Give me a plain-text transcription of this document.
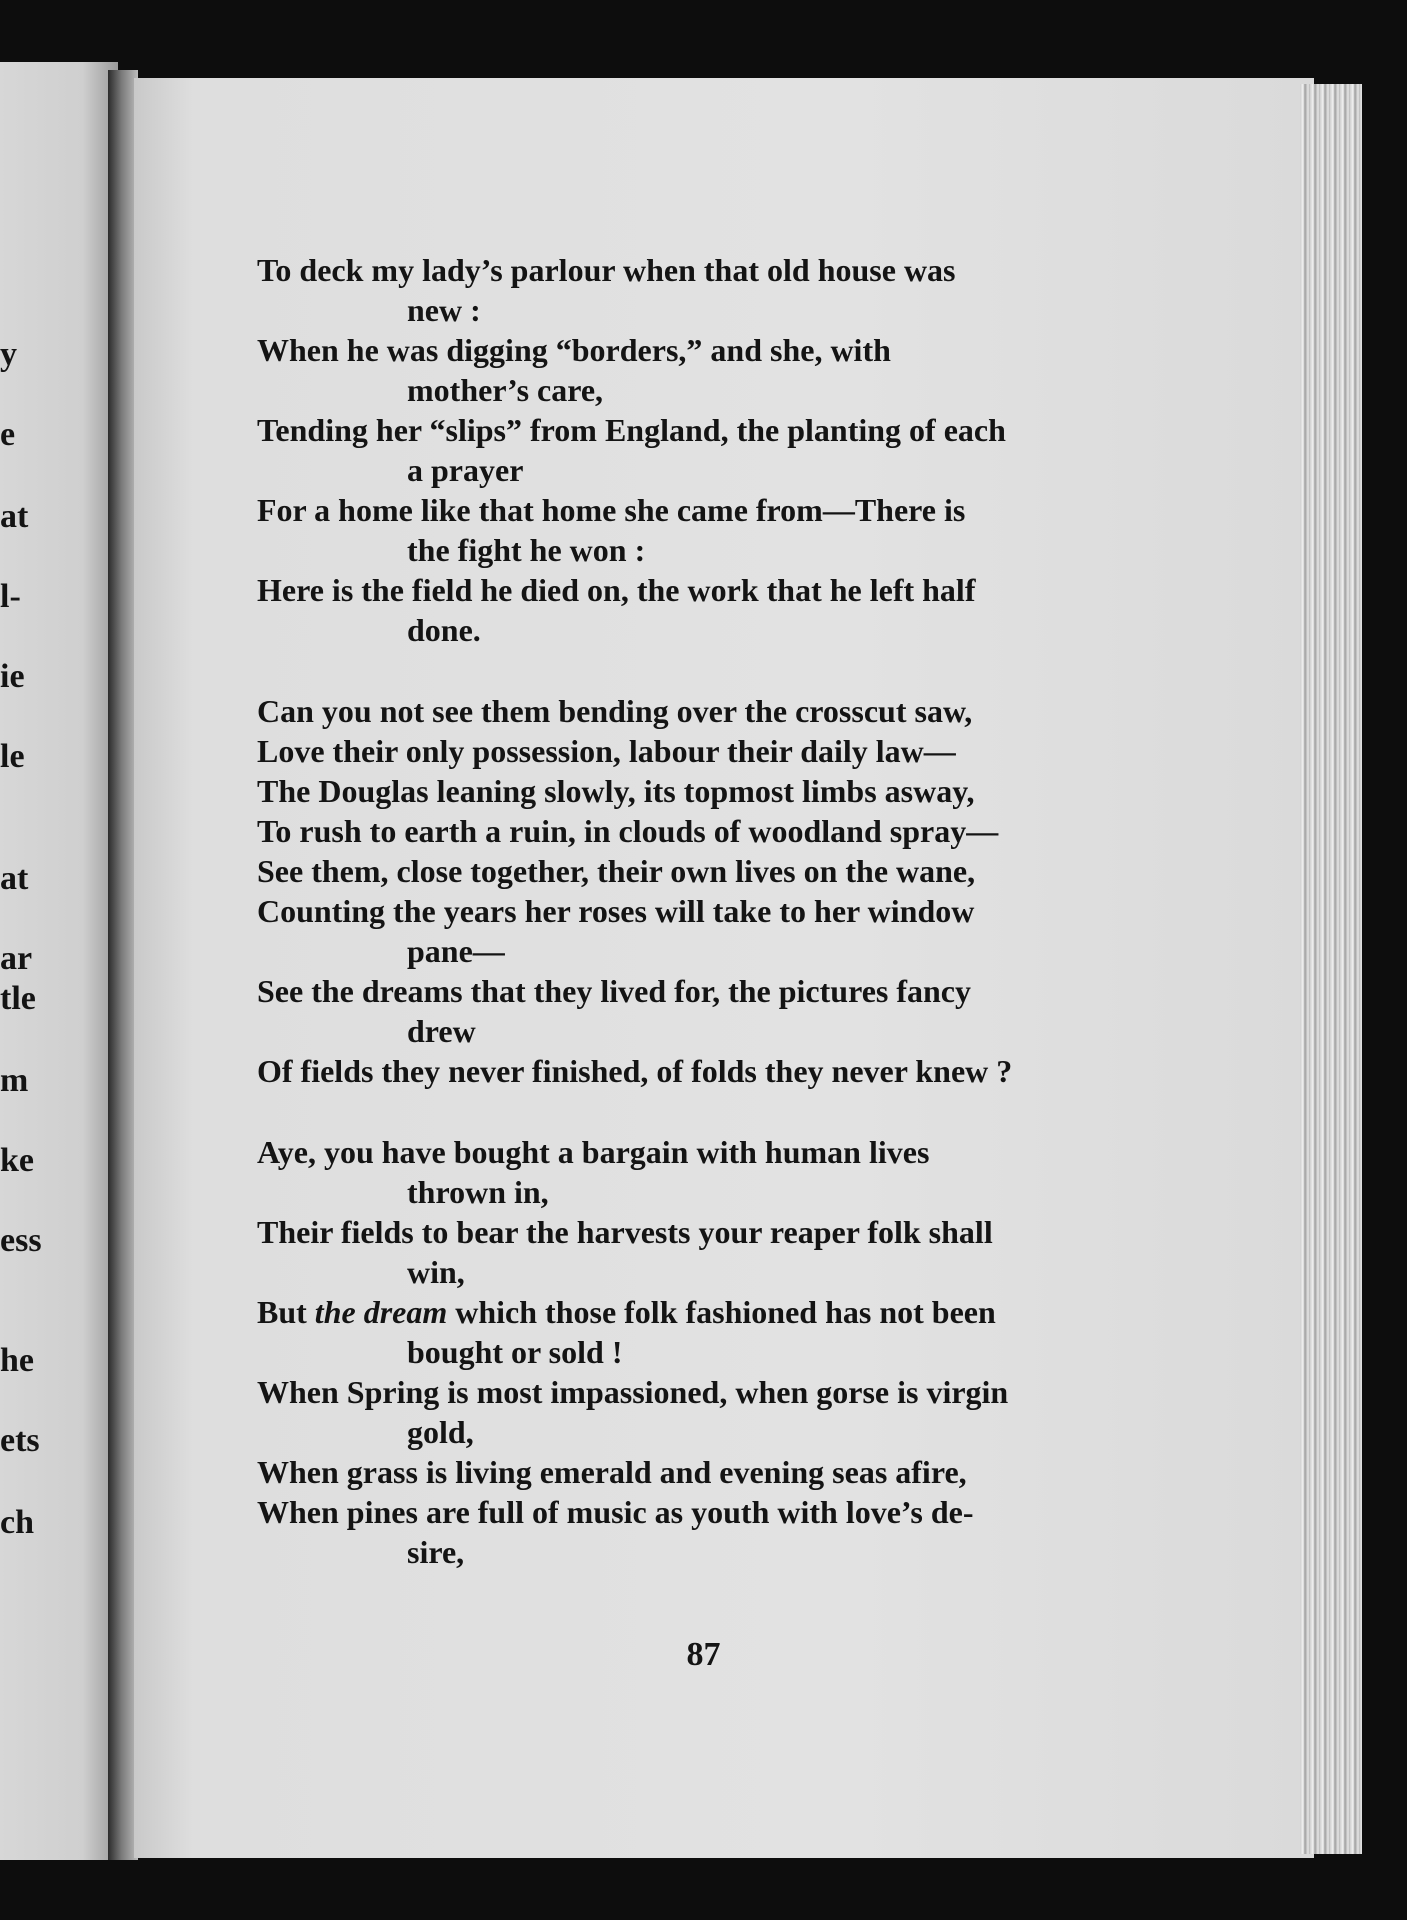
y
e
at
l-
ie
le
at
ar
tle
m
ke
ess
he
ets
ch
To deck my lady’s parlour when that old house was
new :
When he was digging “borders,” and she, with
mother’s care,
Tending her “slips” from England, the planting of each
a prayer
For a home like that home she came from—There is
the fight he won :
Here is the field he died on, the work that he left half
done.
Can you not see them bending over the crosscut saw,
Love their only possession, labour their daily law—
The Douglas leaning slowly, its topmost limbs asway,
To rush to earth a ruin, in clouds of woodland spray—
See them, close together, their own lives on the wane,
Counting the years her roses will take to her window
pane—
See the dreams that they lived for, the pictures fancy
drew
Of fields they never finished, of folds they never knew ?
Aye, you have bought a bargain with human lives
thrown in,
Their fields to bear the harvests your reaper folk shall
win,
But the dream which those folk fashioned has not been
bought or sold !
When Spring is most impassioned, when gorse is virgin
gold,
When grass is living emerald and evening seas afire,
When pines are full of music as youth with love’s de-
sire,
87
